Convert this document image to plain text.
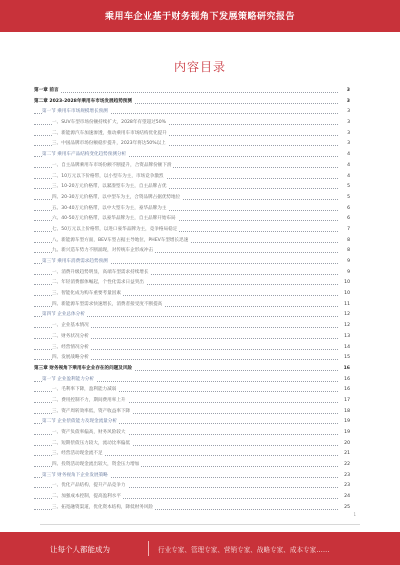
乘用车企业基于财务视角下发展策略研究报告
内容目录
第一章 前言	3
第二章 2023-2028年乘用车市场发展趋势预测	3
第一节 乘用车市场规模增长预测	3
一、SUV车型市场份额持续扩大，2028年有望超过50%	3
二、新能源汽车加速渗透，推动乘用车市场结构优化提升	3
三、中国品牌市场份额稳步提升，2023年将达50%以上	3
第二节 乘用车产品结构变化趋势预测分析	4
一、自主品牌乘用车市场份额不断提升，合资品牌份额下滑	4
二、10万元以下价格带，以小型车为主，市场竞争激烈	4
三、10-20万元价格带，以紧凑型车为主，自主品牌占优	5
四、20-30万元价格带，以中型车为主，合资品牌占据优势地位	5
五、30-40万元价格带，以中大型车为主，豪华品牌为主	6
六、40-50万元价格带，以豪华品牌为主，自主品牌开始布局	6
七、50万元以上价格带，以进口豪华品牌为主，竞争格局稳定	7
八、新能源车型方面，BEV车型占据主导地位，PHEV车型增长迅速	8
九、新兴造车势力不断涌现，对传统车企形成冲击	8
第三节 乘用车消费需求趋势预测	9
一、消费升级趋势明显，高端车型需求持续增长	9
二、年轻消费群体崛起，个性化需求日益突出	10
三、智能化成为购车重要考量因素	10
四、新能源车型需求快速增长，消费者接受度不断提高	11
第四节 企业总体分析	12
一、企业基本情况	12
二、财务状况分析	13
三、经营情况分析	14
四、发展战略分析	15
第三章 财务视角下乘用车企业存在的问题及风险	16
第一节 企业盈利能力分析	16
一、毛利率下降，盈利能力减弱	16
二、费用控制不力，期间费用率上升	17
三、资产周转效率低，资产收益率下降	18
第二节 企业偿债能力及现金流量分析	19
一、资产负债率偏高，财务风险较大	19
二、短期偿债压力较大，流动比率偏低	20
三、经营活动现金流不足	21
四、投资活动现金流出较大，资金压力增加	22
第三节 财务视角下企业发展策略	23
一、优化产品结构，提升产品竞争力	23
二、加强成本控制，提高盈利水平	24
三、拓宽融资渠道，优化资本结构，降低财务风险	25
1
让每个人都能成为	行业专家、管理专家、营销专家、战略专家、成本专家……
